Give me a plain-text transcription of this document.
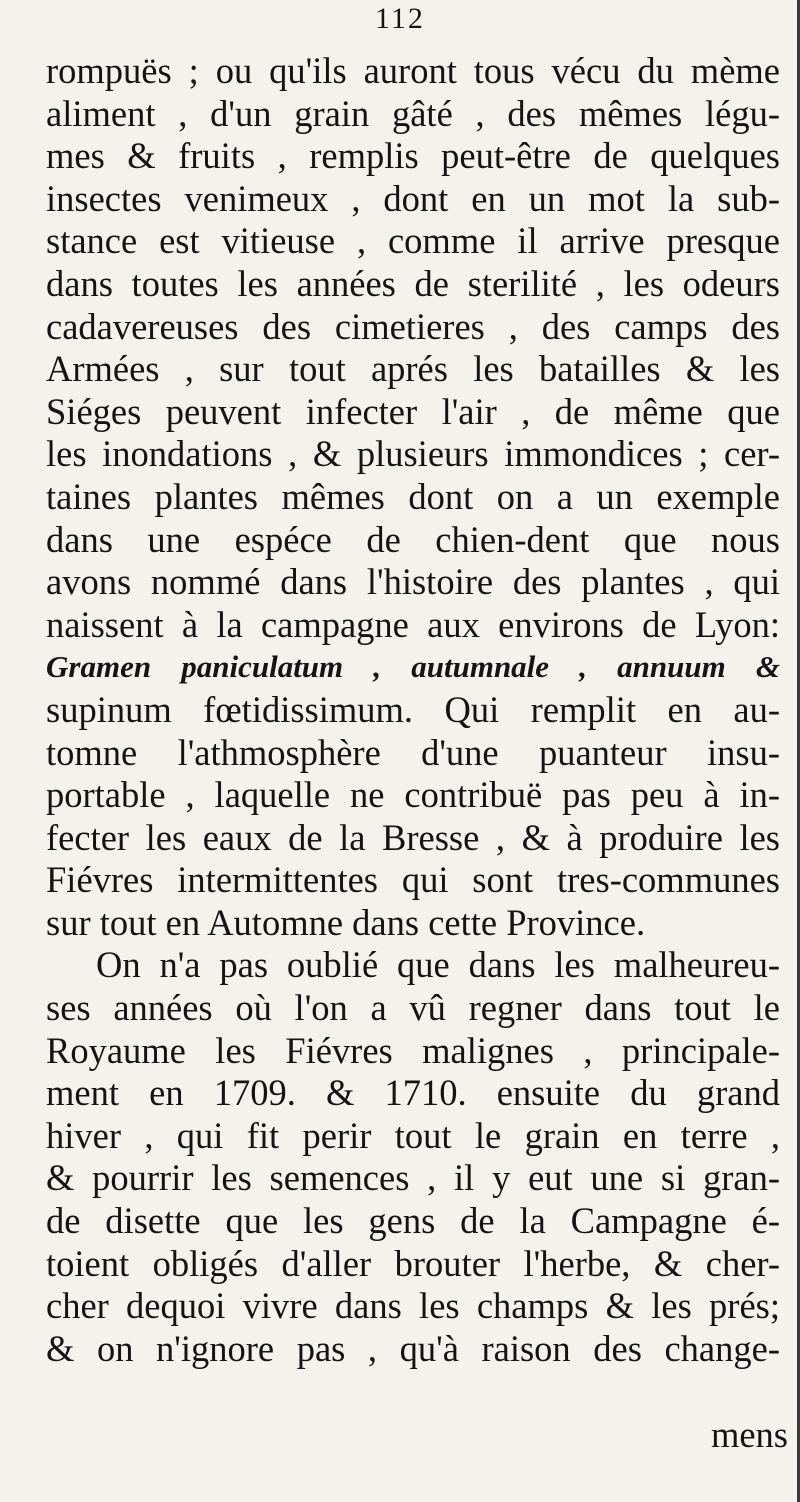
112
rompuës ; ou qu'ils auront tous vécu du mème
aliment , d'un grain gâté , des mêmes légu-
mes & fruits , remplis peut-être de quelques
insectes venimeux , dont en un mot la sub-
stance est vitieuse , comme il arrive presque
dans toutes les années de sterilité , les odeurs
cadavereuses des cimetieres , des camps des
Armées , sur tout aprés les batailles & les
Siéges peuvent infecter l'air , de même que
les inondations , & plusieurs immondices ; cer-
taines plantes mêmes dont on a un exemple
dans une espéce de chien-dent que nous
avons nommé dans l'histoire des plantes , qui
naissent à la campagne aux environs de Lyon:
Gramen paniculatum , autumnale , annuum &
supinum fœtidissimum. Qui remplit en au-
tomne l'athmosphère d'une puanteur insu-
portable , laquelle ne contribuë pas peu à in-
fecter les eaux de la Bresse , & à produire les
Fiévres intermittentes qui sont tres-communes
sur tout en Automne dans cette Province.
On n'a pas oublié que dans les malheureu-
ses années où l'on a vû regner dans tout le
Royaume les Fiévres malignes , principale-
ment en 1709. & 1710. ensuite du grand
hiver , qui fit perir tout le grain en terre ,
& pourrir les semences , il y eut une si gran-
de disette que les gens de la Campagne é-
toient obligés d'aller brouter l'herbe, & cher-
cher dequoi vivre dans les champs & les prés;
& on n'ignore pas , qu'à raison des change-
mens
